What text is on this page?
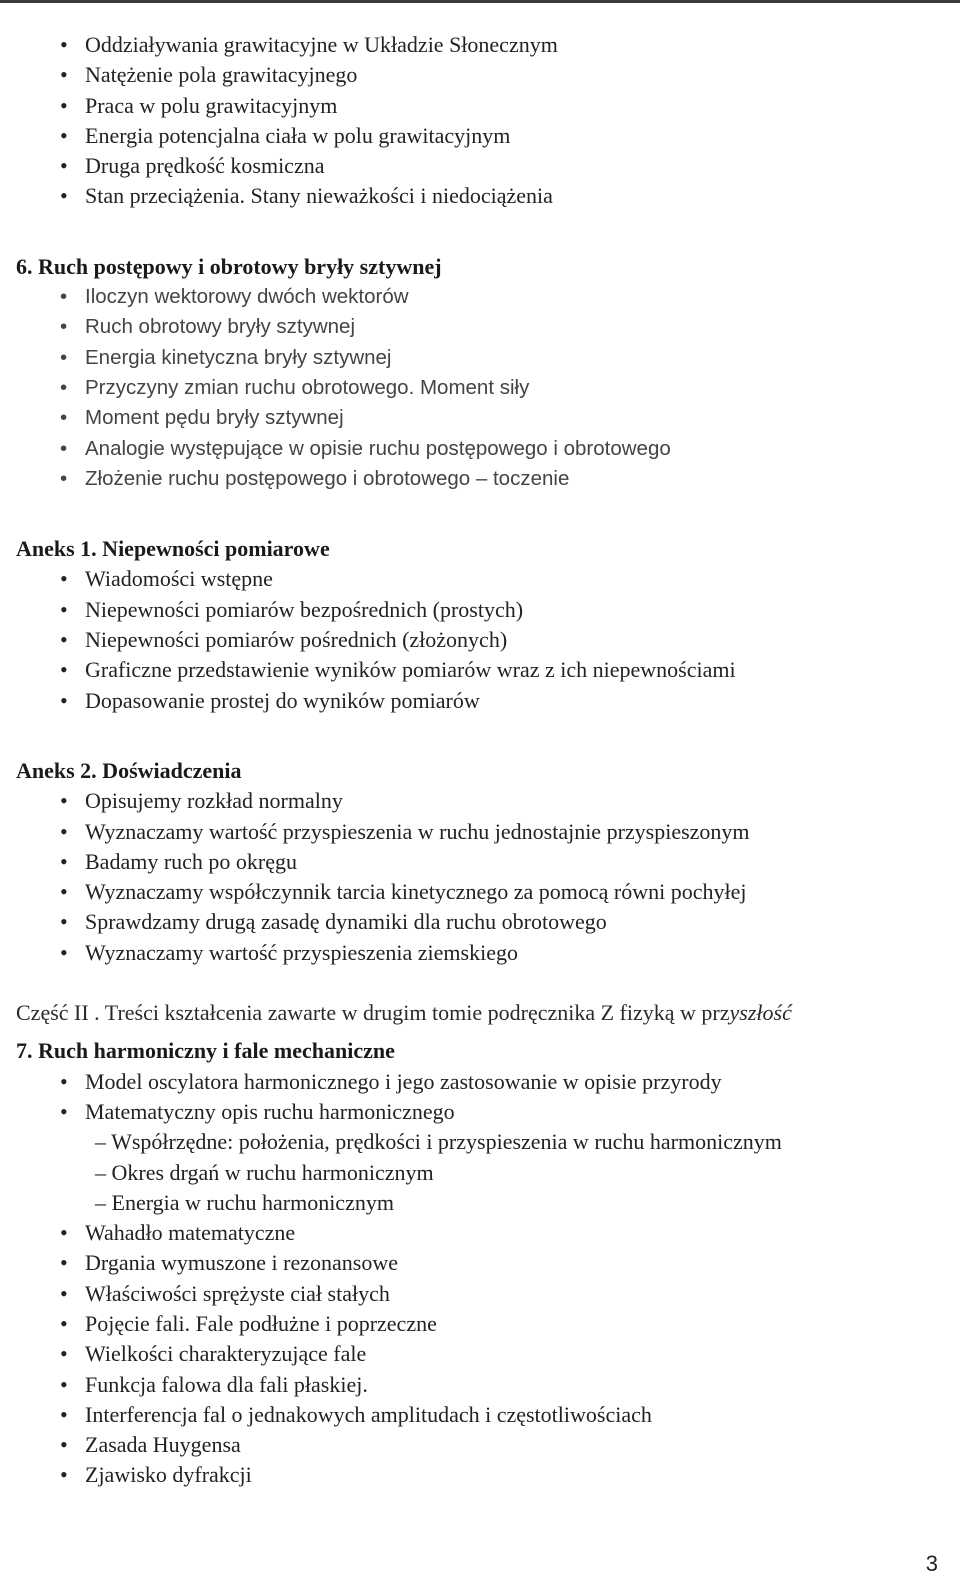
• Oddziaływania grawitacyjne w Układzie Słonecznym
• Natężenie pola grawitacyjnego
• Praca w polu grawitacyjnym
• Energia potencjalna ciała w polu grawitacyjnym
• Druga prędkość kosmiczna
• Stan przeciążenia. Stany nieważkości i niedociążenia
6. Ruch postępowy i obrotowy bryły sztywnej
• Iloczyn wektorowy dwóch wektorów
• Ruch obrotowy bryły sztywnej
• Energia kinetyczna bryły sztywnej
• Przyczyny zmian ruchu obrotowego. Moment siły
• Moment pędu bryły sztywnej
• Analogie występujące w opisie ruchu postępowego i obrotowego
• Złożenie ruchu postępowego i obrotowego – toczenie
Aneks 1. Niepewności pomiarowe
• Wiadomości wstępne
• Niepewności pomiarów bezpośrednich (prostych)
• Niepewności pomiarów pośrednich (złożonych)
• Graficzne przedstawienie wyników pomiarów wraz z ich niepewnościami
• Dopasowanie prostej do wyników pomiarów
Aneks 2. Doświadczenia
• Opisujemy rozkład normalny
• Wyznaczamy wartość przyspieszenia w ruchu jednostajnie przyspieszonym
• Badamy ruch po okręgu
• Wyznaczamy współczynnik tarcia kinetycznego za pomocą równi pochyłej
• Sprawdzamy drugą zasadę dynamiki dla ruchu obrotowego
• Wyznaczamy wartość przyspieszenia ziemskiego
Część II . Treści kształcenia zawarte w drugim tomie podręcznika Z fizyką w przyszłość
7. Ruch harmoniczny i fale mechaniczne
• Model oscylatora harmonicznego i jego zastosowanie w opisie przyrody
• Matematyczny opis ruchu harmonicznego
– Współrzędne: położenia, prędkości i przyspieszenia w ruchu harmonicznym
– Okres drgań w ruchu harmonicznym
– Energia w ruchu harmonicznym
• Wahadło matematyczne
• Drgania wymuszone i rezonansowe
• Właściwości sprężyste ciał stałych
• Pojęcie fali. Fale podłużne i poprzeczne
• Wielkości charakteryzujące fale
• Funkcja falowa dla fali płaskiej.
• Interferencja fal o jednakowych amplitudach i częstotliwościach
• Zasada Huygensa
• Zjawisko dyfrakcji
3
